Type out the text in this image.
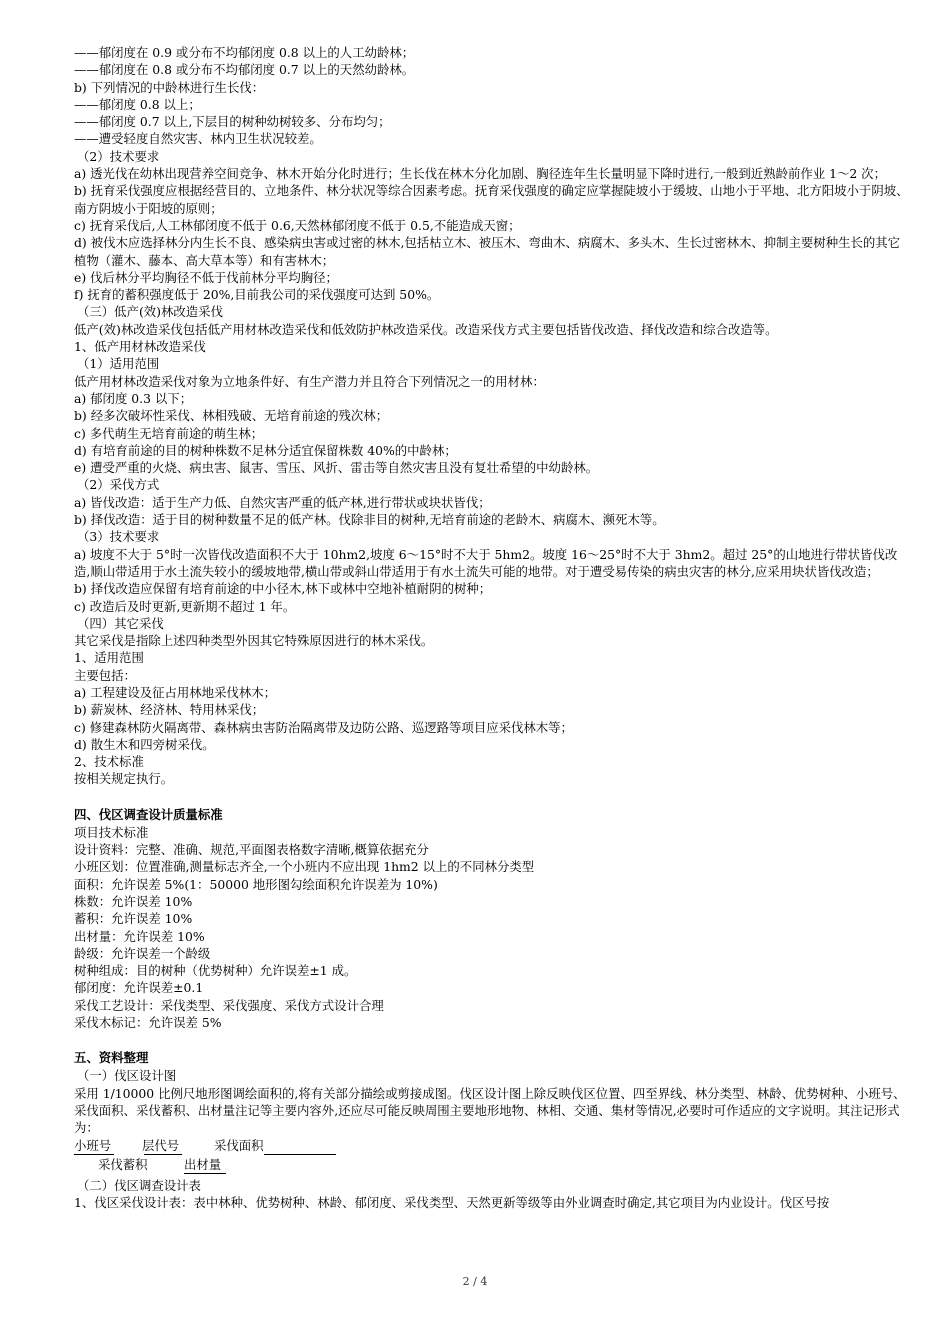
——郁闭度在 0.9 或分布不均郁闭度 0.8 以上的人工幼龄林；
——郁闭度在 0.8 或分布不均郁闭度 0.7 以上的天然幼龄林。
b) 下列情况的中龄林进行生长伐：
——郁闭度 0.8 以上；
——郁闭度 0.7 以上,下层目的树种幼树较多、分布均匀；
——遭受轻度自然灾害、林内卫生状况较差。
（2）技术要求
a) 透光伐在幼林出现营养空间竞争、林木开始分化时进行；生长伐在林木分化加剧、胸径连年生长量明显下降时进行,一般到近熟龄前作业 1～2 次；
b) 抚育采伐强度应根据经营目的、立地条件、林分状况等综合因素考虑。抚育采伐强度的确定应掌握陡坡小于缓坡、山地小于平地、北方阳坡小于阴坡、南方阴坡小于阳坡的原则；
c) 抚育采伐后,人工林郁闭度不低于 0.6,天然林郁闭度不低于 0.5,不能造成天窗；
d) 被伐木应选择林分内生长不良、感染病虫害或过密的林木,包括枯立木、被压木、弯曲木、病腐木、多头木、生长过密林木、抑制主要树种生长的其它植物（灌木、藤本、高大草本等）和有害林木；
e) 伐后林分平均胸径不低于伐前林分平均胸径；
f) 抚育的蓄积强度低于 20%,目前我公司的采伐强度可达到 50%。
（三）低产(效)林改造采伐
低产(效)林改造采伐包括低产用材林改造采伐和低效防护林改造采伐。改造采伐方式主要包括皆伐改造、择伐改造和综合改造等。
1、低产用材林改造采伐
（1）适用范围
低产用材林改造采伐对象为立地条件好、有生产潜力并且符合下列情况之一的用材林：
a) 郁闭度 0.3 以下；
b) 经多次破坏性采伐、林相残破、无培育前途的残次林；
c) 多代萌生无培育前途的萌生林；
d) 有培育前途的目的树种株数不足林分适宜保留株数 40%的中龄林；
e) 遭受严重的火烧、病虫害、鼠害、雪压、风折、雷击等自然灾害且没有复壮希望的中幼龄林。
（2）采伐方式
a) 皆伐改造：适于生产力低、自然灾害严重的低产林,进行带状或块状皆伐；
b) 择伐改造：适于目的树种数量不足的低产林。伐除非目的树种,无培育前途的老龄木、病腐木、濒死木等。
（3）技术要求
a) 坡度不大于 5°时一次皆伐改造面积不大于 10hm2,坡度 6～15°时不大于 5hm2。坡度 16～25°时不大于 3hm2。超过 25°的山地进行带状皆伐改造,顺山带适用于水土流失较小的缓坡地带,横山带或斜山带适用于有水土流失可能的地带。对于遭受易传染的病虫灾害的林分,应采用块状皆伐改造；
b) 择伐改造应保留有培育前途的中小径木,林下或林中空地补植耐阴的树种；
c) 改造后及时更新,更新期不超过 1 年。
（四）其它采伐
其它采伐是指除上述四种类型外因其它特殊原因进行的林木采伐。
1、适用范围
主要包括：
a) 工程建设及征占用林地采伐林木；
b) 薪炭林、经济林、特用林采伐；
c) 修建森林防火隔离带、森林病虫害防治隔离带及边防公路、巡逻路等项目应采伐林木等；
d) 散生木和四旁树采伐。
2、技术标准
按相关规定执行。
四、伐区调查设计质量标准
项目技术标准
设计资料：完整、准确、规范,平面图表格数字清晰,概算依据充分
小班区划：位置准确,测量标志齐全,一个小班内不应出现 1hm2 以上的不同林分类型
面积：允许误差 5%(1：50000 地形图勾绘面积允许误差为 10%)
株数：允许误差 10%
蓄积：允许误差 10%
出材量：允许误差 10%
龄级：允许误差一个龄级
树种组成：目的树种（优势树种）允许误差±1 成。
郁闭度：允许误差±0.1
采伐工艺设计：采伐类型、采伐强度、采伐方式设计合理
采伐木标记：允许误差 5%
五、资料整理
（一）伐区设计图
采用 1/10000 比例尺地形图调绘面积的,将有关部分描绘或剪接成图。伐区设计图上除反映伐区位置、四至界线、林分类型、林龄、优势树种、小班号、采伐面积、采伐蓄积、出材量注记等主要内容外,还应尽可能反映周围主要地形地物、林相、交通、集材等情况,必要时可作适应的文字说明。其注记形式为：
小班号 层代号	采伐面积
采伐蓄积	出材量
（二）伐区调查设计表
1、伐区采伐设计表：表中林种、优势树种、林龄、郁闭度、采伐类型、天然更新等级等由外业调查时确定,其它项目为内业设计。伐区号按
2 / 4
